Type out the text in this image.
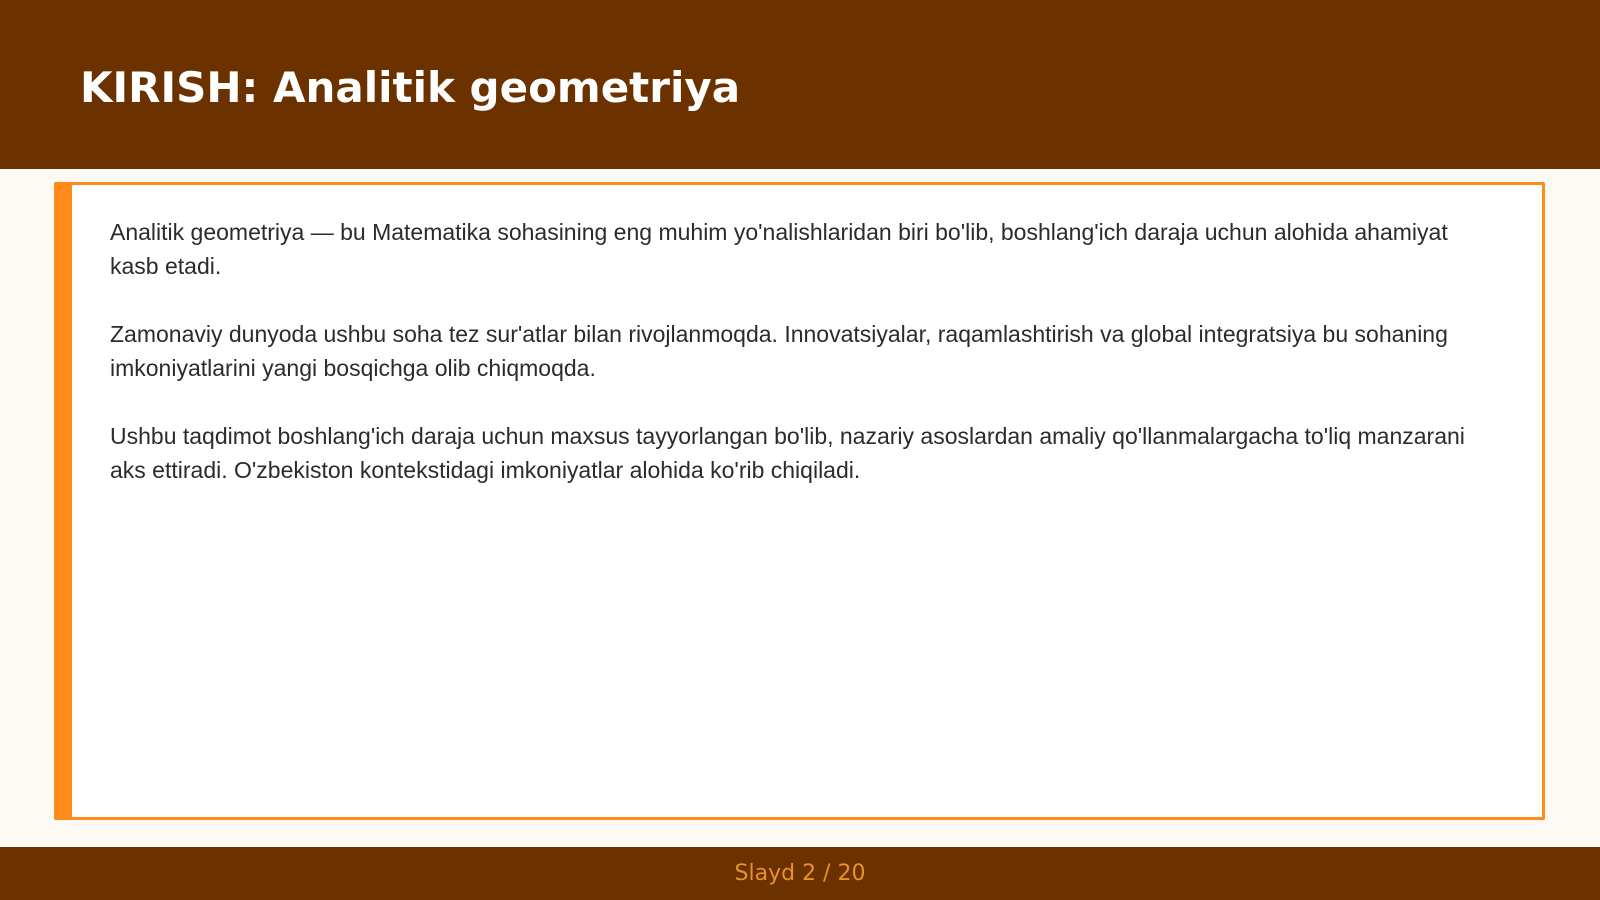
KIRISH: Analitik geometriya

Analitik geometriya — bu Matematika sohasining eng muhim yo'nalishlaridan biri bo'lib, boshlang'ich daraja uchun alohida ahamiyat kasb etadi.

Zamonaviy dunyoda ushbu soha tez sur'atlar bilan rivojlanmoqda. Innovatsiyalar, raqamlashtirish va global integratsiya bu sohaning imkoniyatlarini yangi bosqichga olib chiqmoqda.

Ushbu taqdimot boshlang'ich daraja uchun maxsus tayyorlangan bo'lib, nazariy asoslardan amaliy qo'llanmalargacha to'liq manzarani aks ettiradi. O'zbekiston kontekstidagi imkoniyatlar alohida ko'rib chiqiladi.

Slayd 2 / 20
